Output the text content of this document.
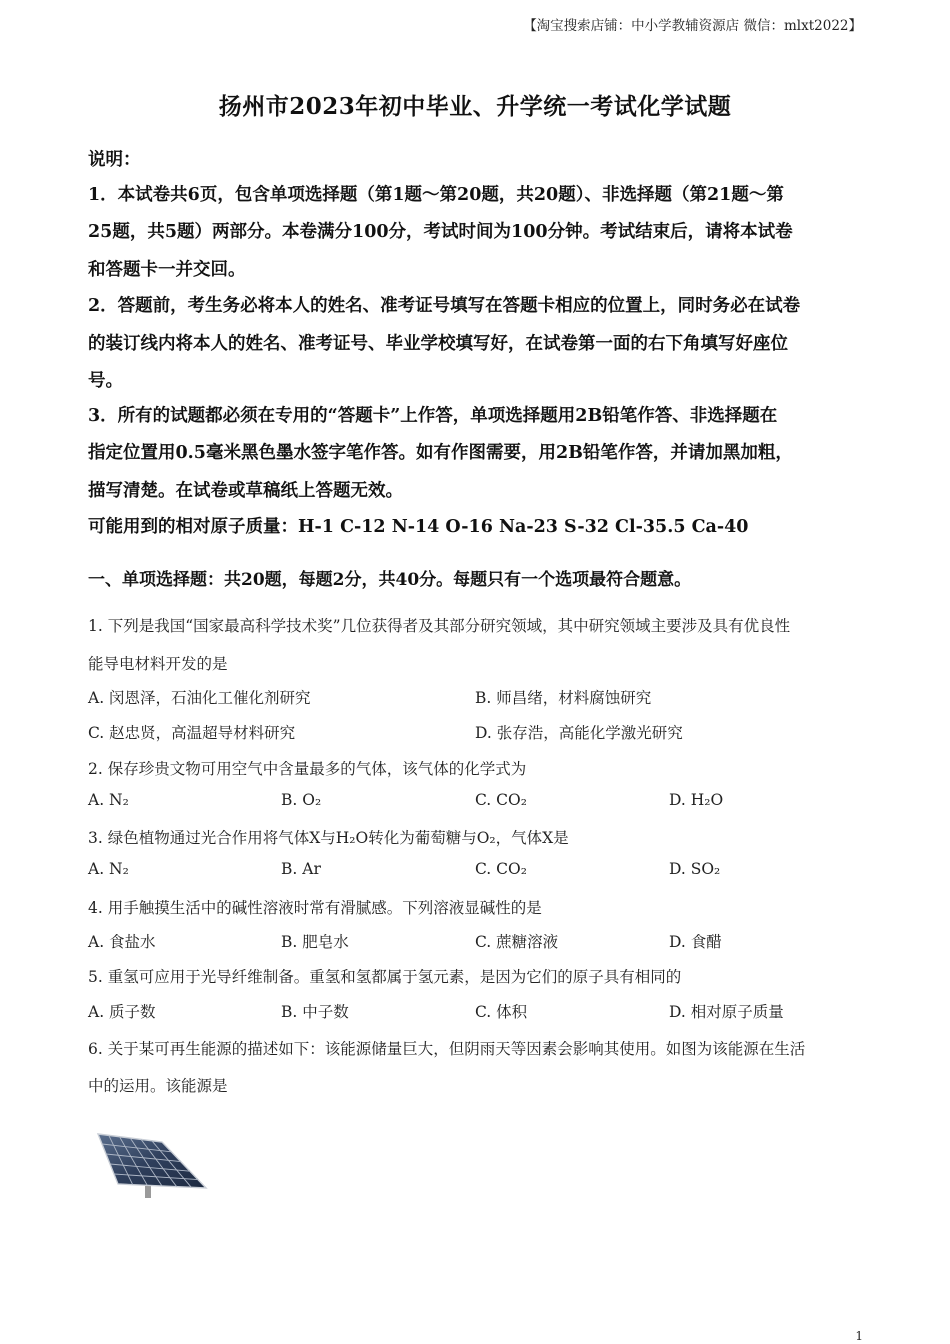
【淘宝搜索店铺：中小学教辅资源店 微信：mlxt2022】
扬州市2023年初中毕业、升学统一考试化学试题
说明：
1．本试卷共6页，包含单项选择题（第1题～第20题，共20题）、非选择题（第21题～第
25题，共5题）两部分。本卷满分100分，考试时间为100分钟。考试结束后，请将本试卷
和答题卡一并交回。
2．答题前，考生务必将本人的姓名、准考证号填写在答题卡相应的位置上，同时务必在试卷
的装订线内将本人的姓名、准考证号、毕业学校填写好，在试卷第一面的右下角填写好座位
号。
3．所有的试题都必须在专用的“答题卡”上作答，单项选择题用2B铅笔作答、非选择题在
指定位置用0.5毫米黑色墨水签字笔作答。如有作图需要，用2B铅笔作答，并请加黑加粗，
描写清楚。在试卷或草稿纸上答题无效。
可能用到的相对原子质量：H-1 C-12 N-14 O-16 Na-23 S-32 Cl-35.5 Ca-40
一、单项选择题：共20题，每题2分，共40分。每题只有一个选项最符合题意。
1. 下列是我国“国家最高科学技术奖”几位获得者及其部分研究领域，其中研究领域主要涉及具有优良性
能导电材料开发的是
A. 闵恩泽，石油化工催化剂研究	B. 师昌绪，材料腐蚀研究
C. 赵忠贤，高温超导材料研究	D. 张存浩，高能化学激光研究
2. 保存珍贵文物可用空气中含量最多的气体，该气体的化学式为
A. N₂	B. O₂	C. CO₂	D. H₂O
3. 绿色植物通过光合作用将气体X与H₂O转化为葡萄糖与O₂，气体X是
A. N₂	B. Ar	C. CO₂	D. SO₂
4. 用手触摸生活中的碱性溶液时常有滑腻感。下列溶液显碱性的是
A. 食盐水	B. 肥皂水	C. 蔗糖溶液	D. 食醋
5. 重氢可应用于光导纤维制备。重氢和氢都属于氢元素，是因为它们的原子具有相同的
A. 质子数	B. 中子数	C. 体积	D. 相对原子质量
6. 关于某可再生能源的描述如下：该能源储量巨大，但阴雨天等因素会影响其使用。如图为该能源在生活
中的运用。该能源是
1
